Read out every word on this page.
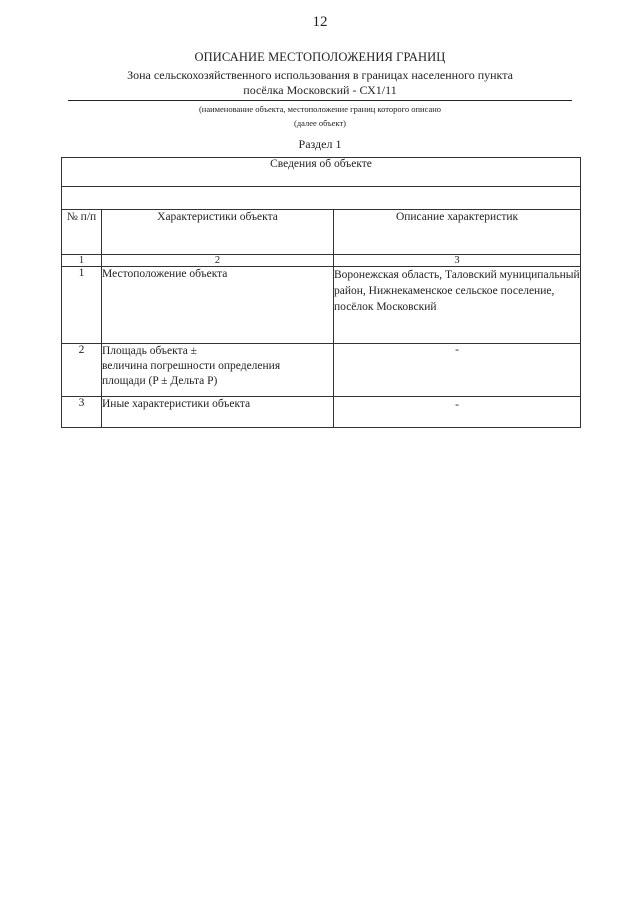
12
ОПИСАНИЕ МЕСТОПОЛОЖЕНИЯ ГРАНИЦ
Зона сельскохозяйственного использования в границах населенного пункта
посёлка Московский - СХ1/11
(наименование объекта, местоположение границ которого описано
(далее объект)
Раздел 1
Сведения об объекте		

№ п/п	Характеристики объекта	Описание характеристик
1	2	3
1	Местоположение объекта	Воронежская область, Таловский муниципальный район, Нижнекаменское сельское поселение, посёлок Московский
2	Площадь объекта ±
величина погрешности определения
площади (P ± Дельта P)	-
3	Иные характеристики объекта	-
